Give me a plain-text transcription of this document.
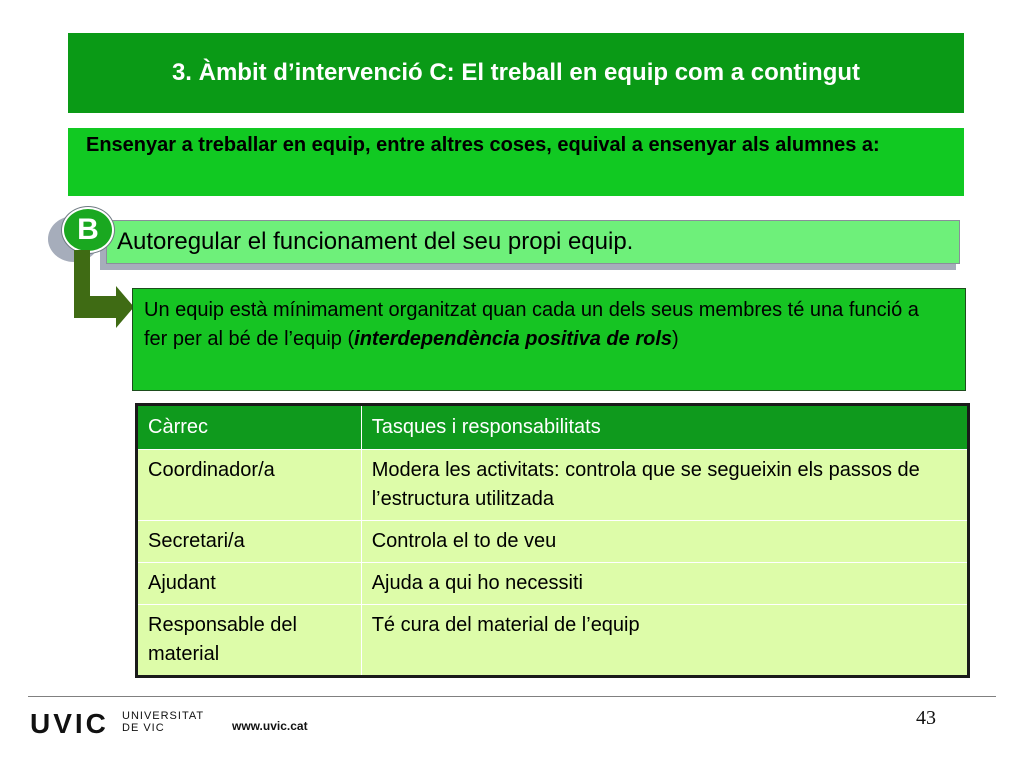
3. Àmbit d’intervenció C: El treball en equip com a contingut
Ensenyar a treballar en equip, entre altres coses, equival a ensenyar als alumnes a:
Autoregular el funcionament del seu propi equip.
B

Un equip està mínimament organitzat quan cada un dels seus membres té una funció a fer per al bé de l’equip (interdependència positiva de rols)

Càrrec	Tasques i responsabilitats
Coordinador/a	Modera les activitats: controla que se segueixin els passos de l’estructura utilitzada
Secretari/a	Controla el to de veu
Ajudant	Ajuda a qui ho necessiti
Responsable del material	Té cura del material de l’equip
UVIC UNIVERSITAT
DE VIC	www.uvic.cat	43
